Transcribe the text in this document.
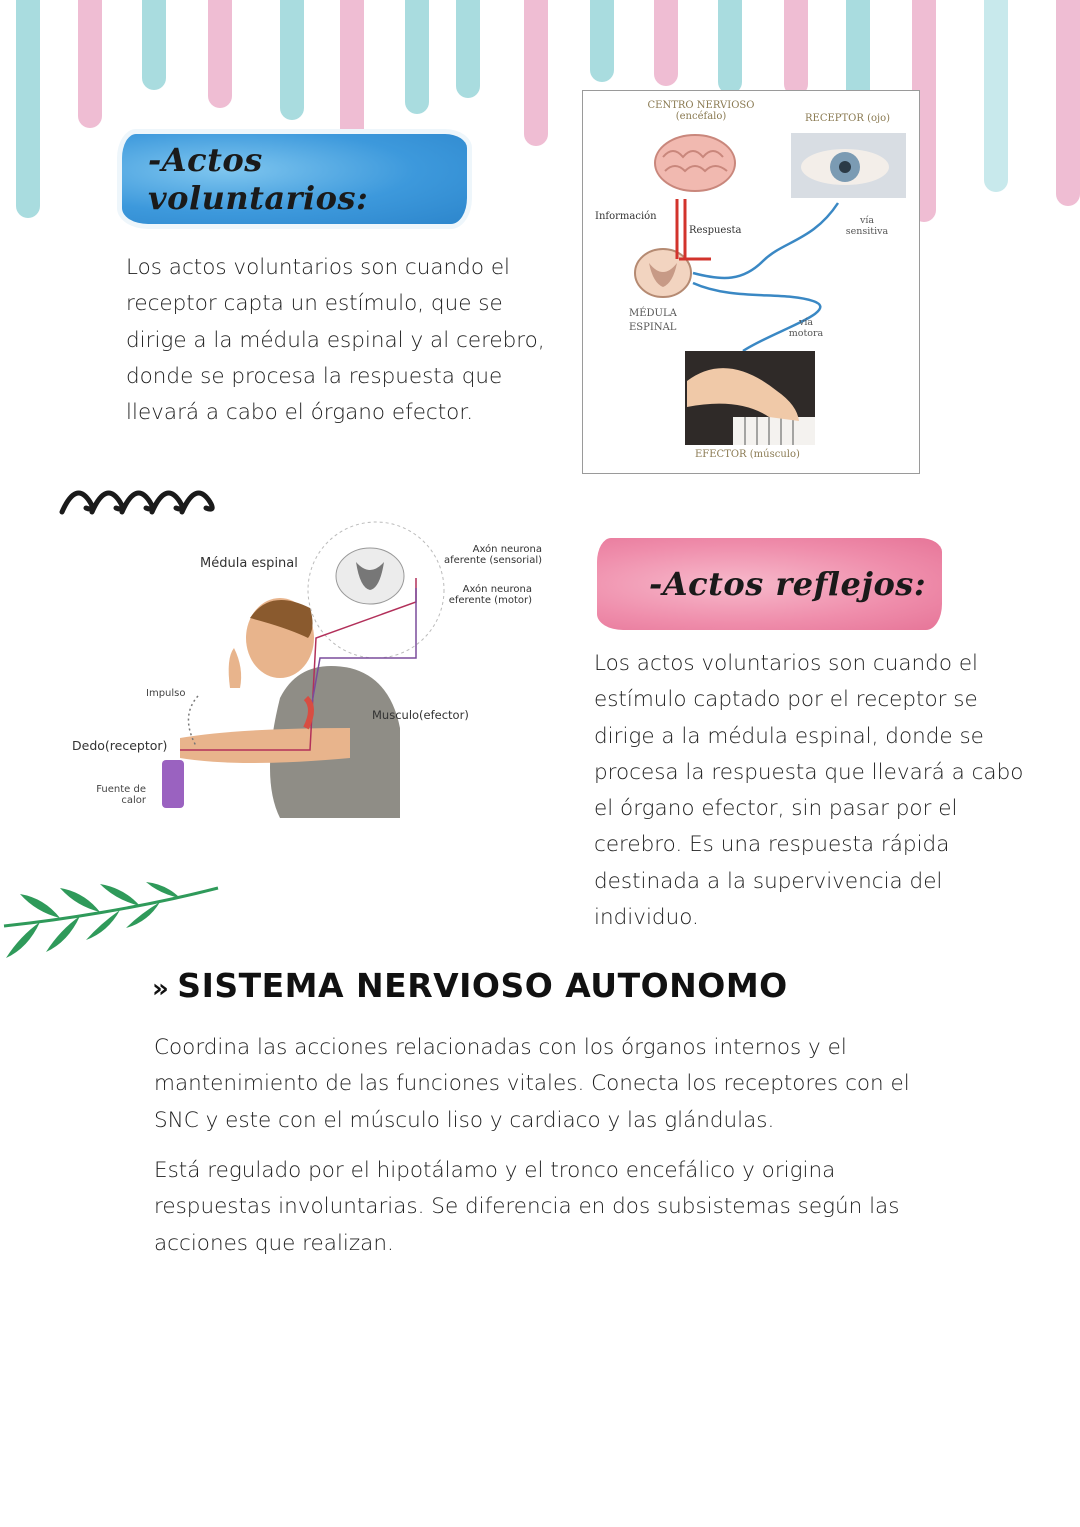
-Actos voluntarios:
Los actos voluntarios son cuando el receptor capta un estímulo, que se dirige a la médula espinal y al cerebro, donde se procesa la respuesta que llevará a cabo el órgano efector.
CENTRO NERVIOSO
(encéfalo)	RECEPTOR (ojo)
Información
Respuesta
vía sensitiva
MÉDULA ESPINAL	vía motora
EFECTOR (músculo)
Médula espinal
Axón neurona aferente (sensorial)
Axón neurona eferente (motor)
Impulso
Musculo(efector)
Dedo(receptor)
Fuente de calor
-Actos reflejos:
Los actos voluntarios son cuando el estímulo captado por el receptor se dirige a la médula espinal, donde se procesa la respuesta que llevará a cabo el órgano efector, sin pasar por el cerebro. Es una respuesta rápida destinada a la supervivencia del individuo.
» SISTEMA NERVIOSO AUTONOMO
Coordina las acciones relacionadas con los órganos internos y el mantenimiento de las funciones vitales. Conecta los receptores con el SNC y este con el músculo liso y cardiaco y las glándulas.
Está regulado por el hipotálamo y el tronco encefálico y origina respuestas involuntarias. Se diferencia en dos subsistemas según las acciones que realizan.
